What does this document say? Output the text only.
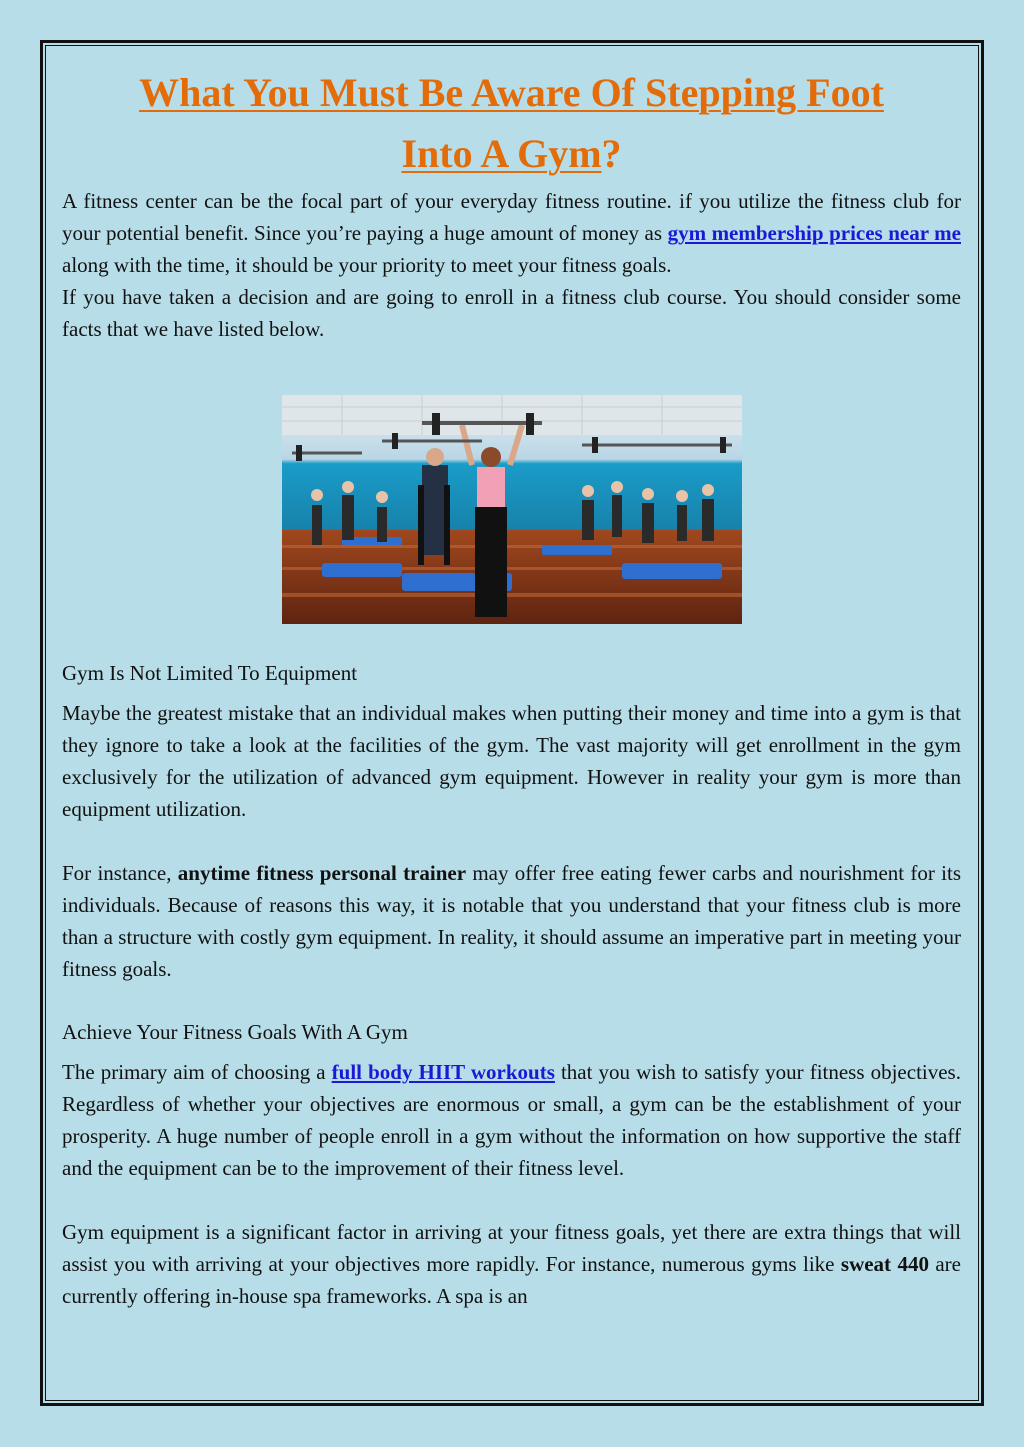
What You Must Be Aware Of Stepping Foot
Into A Gym?

A fitness center can be the focal part of your everyday fitness routine. if you utilize the fitness club for your potential benefit. Since you’re paying a huge amount of money as gym membership prices near me along with the time, it should be your priority to meet your fitness goals.

If you have taken a decision and are going to enroll in a fitness club course. You should consider some facts that we have listed below.

Gym Is Not Limited To Equipment

Maybe the greatest mistake that an individual makes when putting their money and time into a gym is that they ignore to take a look at the facilities of the gym. The vast majority will get enrollment in the gym exclusively for the utilization of advanced gym equipment. However in reality your gym is more than equipment utilization.

For instance, anytime fitness personal trainer may offer free eating fewer carbs and nourishment for its individuals. Because of reasons this way, it is notable that you understand that your fitness club is more than a structure with costly gym equipment. In reality, it should assume an imperative part in meeting your fitness goals.

Achieve Your Fitness Goals With A Gym

The primary aim of choosing a full body HIIT workouts that you wish to satisfy your fitness objectives. Regardless of whether your objectives are enormous or small, a gym can be the establishment of your prosperity. A huge number of people enroll in a gym without the information on how supportive the staff and the equipment can be to the improvement of their fitness level.

Gym equipment is a significant factor in arriving at your fitness goals, yet there are extra things that will assist you with arriving at your objectives more rapidly. For instance, numerous gyms like sweat 440 are currently offering in-house spa frameworks. A spa is an
